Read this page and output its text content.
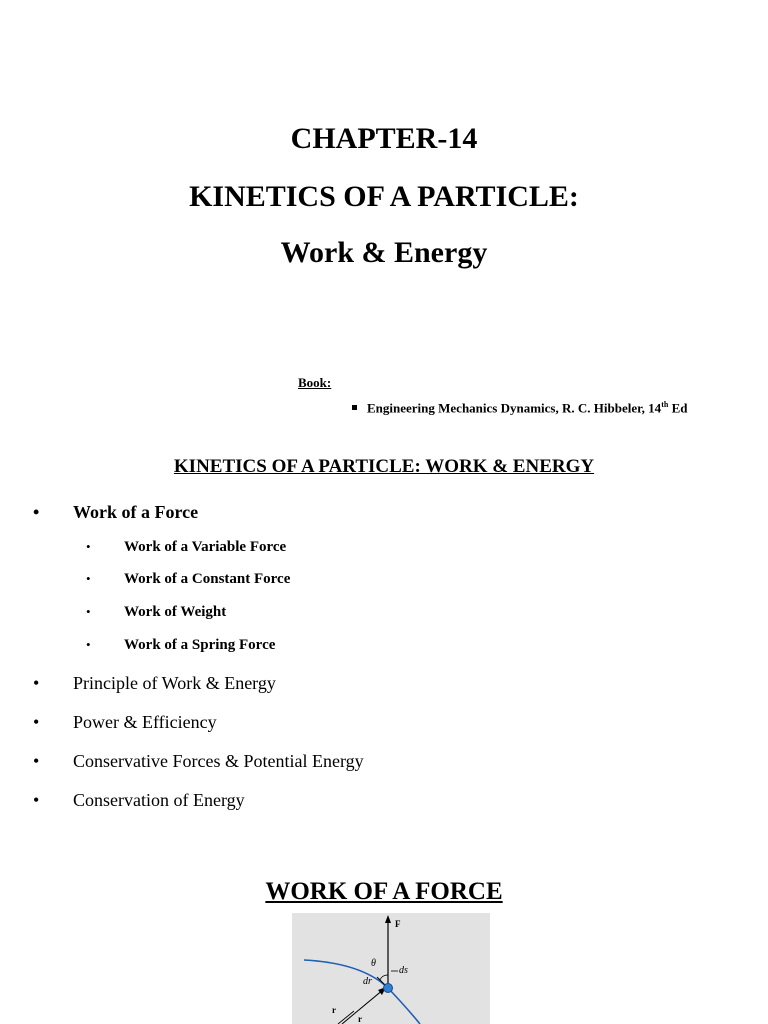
CHAPTER-14
KINETICS OF A PARTICLE:
Work & Energy
Book:
Engineering Mechanics Dynamics, R. C. Hibbeler, 14th Ed
KINETICS OF A PARTICLE: WORK & ENERGY
• Work of a Force
• Work of a Variable Force
• Work of a Constant Force
• Work of Weight
• Work of a Spring Force
• Principle of Work & Energy
• Power & Efficiency
• Conservative Forces & Potential Energy
• Conservation of Energy
WORK OF A FORCE
F
θ
ds
dr
r
r
